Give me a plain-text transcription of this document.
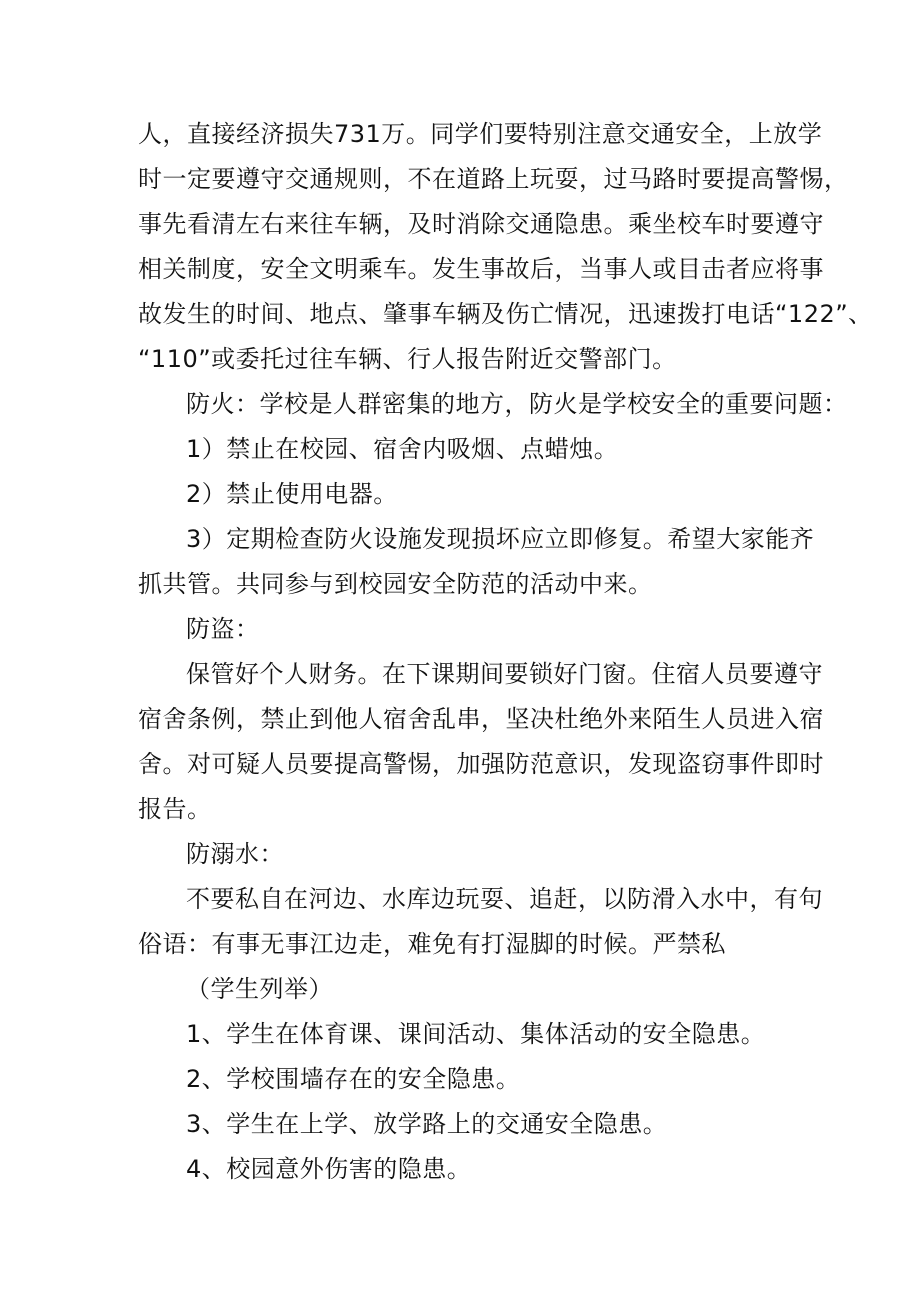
人，直接经济损失731万。同学们要特别注意交通安全，上放学
时一定要遵守交通规则，不在道路上玩耍，过马路时要提高警惕，
事先看清左右来往车辆，及时消除交通隐患。乘坐校车时要遵守
相关制度，安全文明乘车。发生事故后，当事人或目击者应将事
故发生的时间、地点、肇事车辆及伤亡情况，迅速拨打电话“122”、
“110”或委托过往车辆、行人报告附近交警部门。
防火：学校是人群密集的地方，防火是学校安全的重要问题：
1）禁止在校园、宿舍内吸烟、点蜡烛。
2）禁止使用电器。
3）定期检查防火设施发现损坏应立即修复。希望大家能齐
抓共管。共同参与到校园安全防范的活动中来。
防盗：
保管好个人财务。在下课期间要锁好门窗。住宿人员要遵守
宿舍条例，禁止到他人宿舍乱串，坚决杜绝外来陌生人员进入宿
舍。对可疑人员要提高警惕，加强防范意识，发现盗窃事件即时
报告。
防溺水：
不要私自在河边、水库边玩耍、追赶，以防滑入水中，有句
俗语：有事无事江边走，难免有打湿脚的时候。严禁私
（学生列举）
1、学生在体育课、课间活动、集体活动的安全隐患。
2、学校围墙存在的安全隐患。
3、学生在上学、放学路上的交通安全隐患。
4、校园意外伤害的隐患。
